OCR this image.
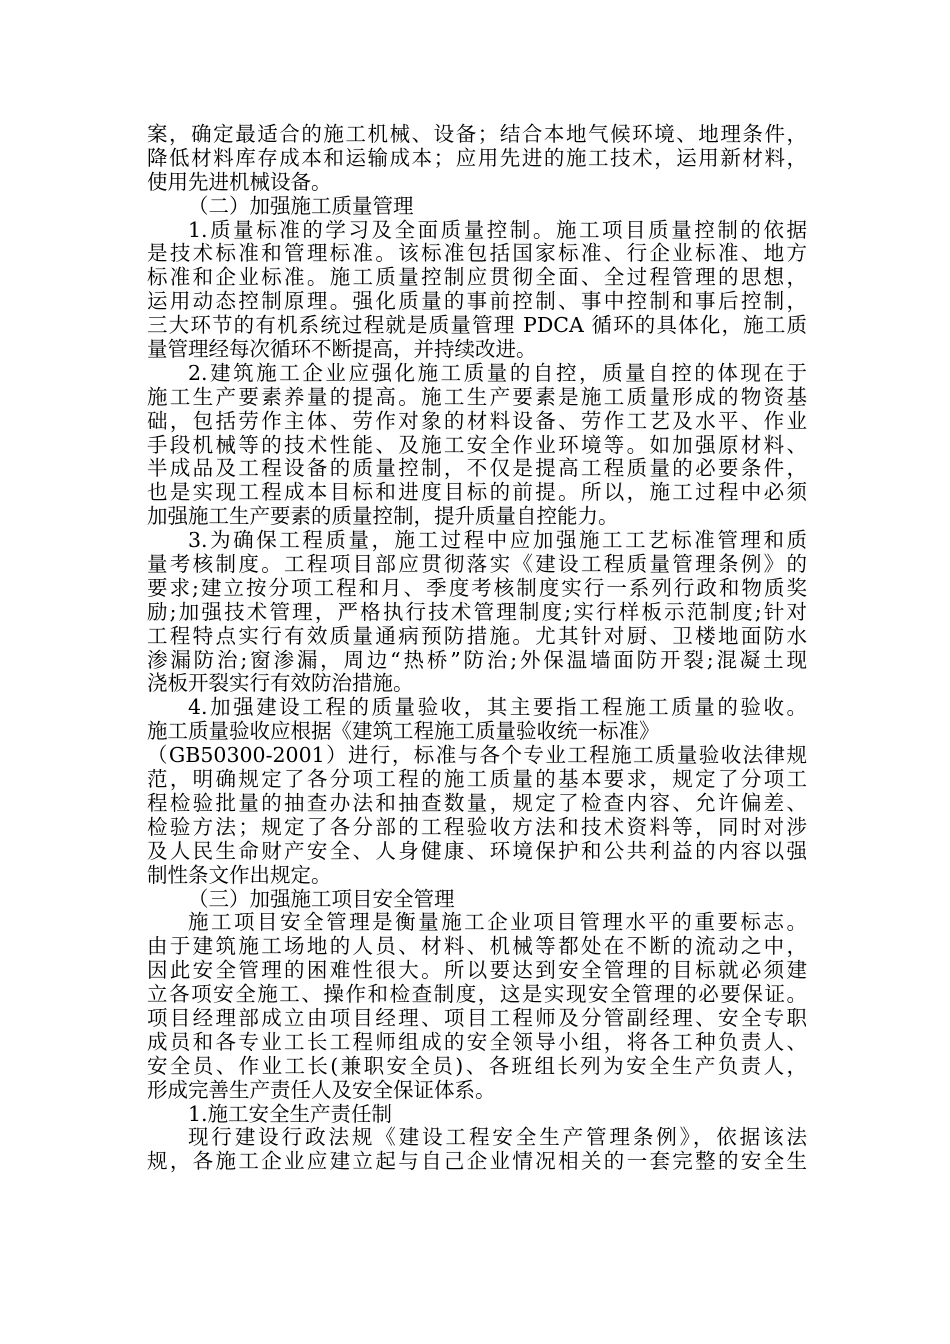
案，确定最适合的施工机械、设备；结合本地气候环境、地理条件，
降低材料库存成本和运输成本；应用先进的施工技术，运用新材料，
使用先进机械设备。
（二）加强施工质量管理
1.质量标准的学习及全面质量控制。施工项目质量控制的依据
是技术标准和管理标准。该标准包括国家标准、行企业标准、地方
标准和企业标准。施工质量控制应贯彻全面、全过程管理的思想，
运用动态控制原理。强化质量的事前控制、事中控制和事后控制，
三大环节的有机系统过程就是质量管理 PDCA 循环的具体化，施工质
量管理经每次循环不断提高，并持续改进。
2.建筑施工企业应强化施工质量的自控，质量自控的体现在于
施工生产要素养量的提高。施工生产要素是施工质量形成的物资基
础，包括劳作主体、劳作对象的材料设备、劳作工艺及水平、作业
手段机械等的技术性能、及施工安全作业环境等。如加强原材料、
半成品及工程设备的质量控制，不仅是提高工程质量的必要条件，
也是实现工程成本目标和进度目标的前提。所以，施工过程中必须
加强施工生产要素的质量控制，提升质量自控能力。
3.为确保工程质量，施工过程中应加强施工工艺标准管理和质
量考核制度。工程项目部应贯彻落实《建设工程质量管理条例》的
要求;建立按分项工程和月、季度考核制度实行一系列行政和物质奖
励;加强技术管理，严格执行技术管理制度;实行样板示范制度;针对
工程特点实行有效质量通病预防措施。尤其针对厨、卫楼地面防水
渗漏防治;窗渗漏，周边“热桥”防治;外保温墙面防开裂;混凝土现
浇板开裂实行有效防治措施。
4.加强建设工程的质量验收，其主要指工程施工质量的验收。
施工质量验收应根据《建筑工程施工质量验收统一标准》
（GB50300-2001）进行，标准与各个专业工程施工质量验收法律规
范，明确规定了各分项工程的施工质量的基本要求，规定了分项工
程检验批量的抽查办法和抽查数量，规定了检查内容、允许偏差、
检验方法；规定了各分部的工程验收方法和技术资料等，同时对涉
及人民生命财产安全、人身健康、环境保护和公共利益的内容以强
制性条文作出规定。
（三）加强施工项目安全管理
施工项目安全管理是衡量施工企业项目管理水平的重要标志。
由于建筑施工场地的人员、材料、机械等都处在不断的流动之中，
因此安全管理的困难性很大。所以要达到安全管理的目标就必须建
立各项安全施工、操作和检查制度，这是实现安全管理的必要保证。
项目经理部成立由项目经理、项目工程师及分管副经理、安全专职
成员和各专业工长工程师组成的安全领导小组，将各工种负责人、
安全员、作业工长(兼职安全员)、各班组长列为安全生产负责人，
形成完善生产责任人及安全保证体系。
1.施工安全生产责任制
现行建设行政法规《建设工程安全生产管理条例》，依据该法
规，各施工企业应建立起与自己企业情况相关的一套完整的安全生
